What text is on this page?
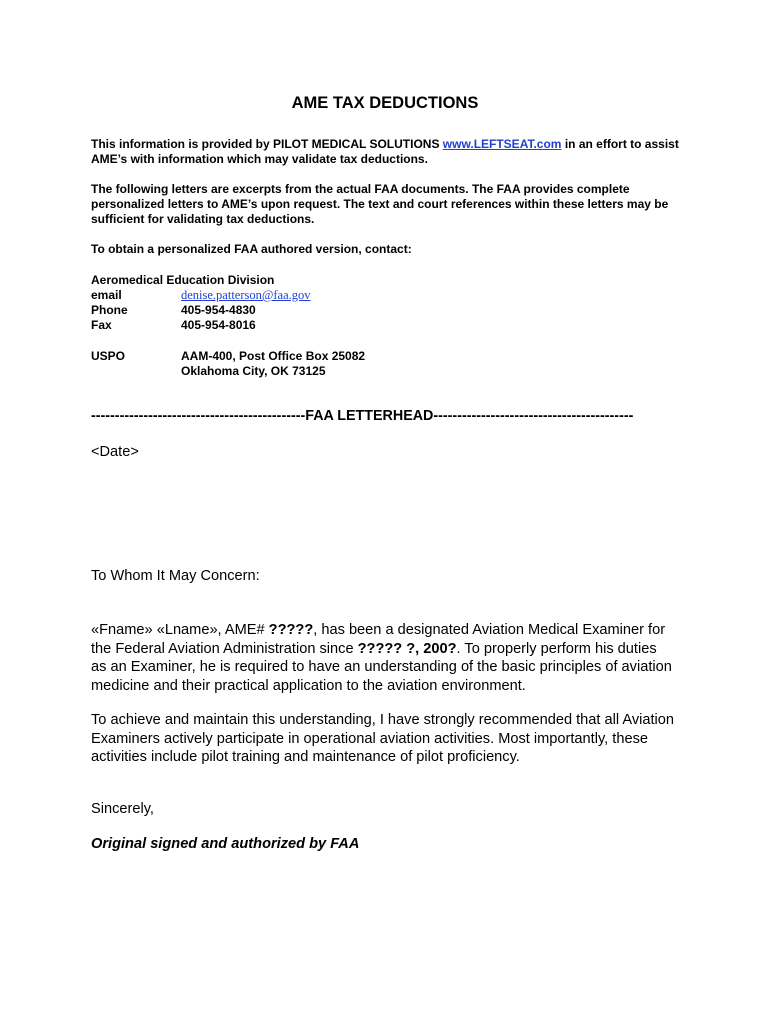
AME TAX DEDUCTIONS
This information is provided by PILOT MEDICAL SOLUTIONS www.LEFTSEAT.com in an effort to assist AME’s with information which may validate tax deductions.
The following letters are excerpts from the actual FAA documents. The FAA provides complete personalized letters to AME’s upon request. The text and court references within these letters may be sufficient for validating tax deductions.
To obtain a personalized FAA authored version, contact:
Aeromedical Education Division
email	denise.patterson@faa.gov
Phone	405-954-4830
Fax	405-954-8016
USPO	AAM-400, Post Office Box 25082
Oklahoma City, OK 73125
---------------------------------------------FAA LETTERHEAD------------------------------------------
<Date>
To Whom It May Concern:
«Fname» «Lname», AME# ?????, has been a designated Aviation Medical Examiner for the Federal Aviation Administration since ????? ?, 200?. To properly perform his duties as an Examiner, he is required to have an understanding of the basic principles of aviation medicine and their practical application to the aviation environment.
To achieve and maintain this understanding, I have strongly recommended that all Aviation Examiners actively participate in operational aviation activities. Most importantly, these activities include pilot training and maintenance of pilot proficiency.
Sincerely,
Original signed and authorized by FAA
